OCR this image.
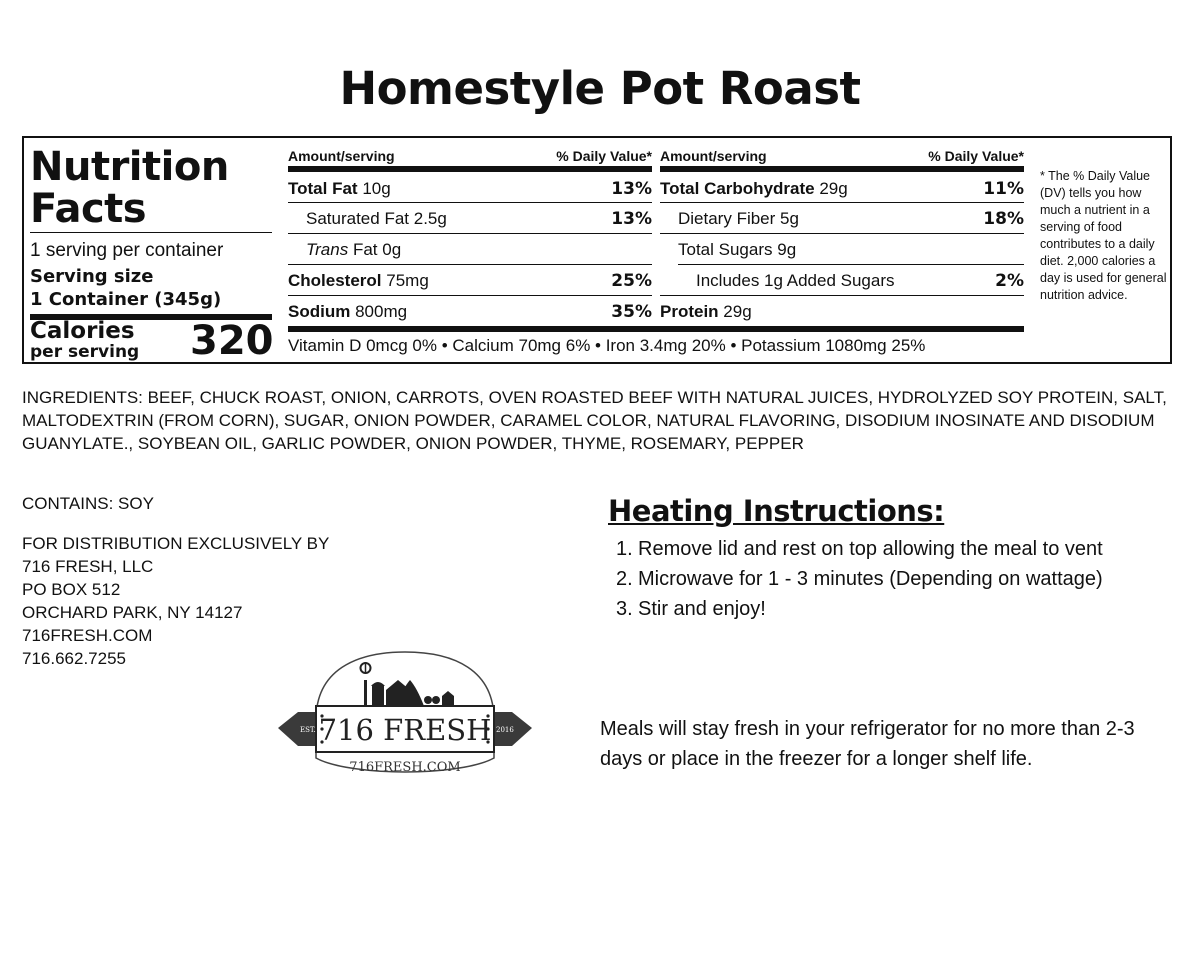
Homestyle Pot Roast
Nutrition
Facts
1 serving per container
Serving size
1 Container (345g)
Calories
per serving 320
Amount/serving	% Daily Value*
Total Fat 10g	13%
Saturated Fat 2.5g	13%
Trans Fat 0g
Cholesterol 75mg	25%
Sodium 800mg	35%
Amount/serving	% Daily Value*
Total Carbohydrate 29g	11%
Dietary Fiber 5g	18%
Total Sugars 9g
Includes 1g Added Sugars	2%
Protein 29g
Vitamin D 0mcg 0% • Calcium 70mg 6% • Iron 3.4mg 20% • Potassium 1080mg 25%
* The % Daily Value (DV) tells you how much a nutrient in a serving of food contributes to a daily diet. 2,000 calories a day is used for general nutrition advice.
INGREDIENTS: BEEF, CHUCK ROAST, ONION, CARROTS, OVEN ROASTED BEEF WITH NATURAL JUICES, HYDROLYZED SOY PROTEIN, SALT, MALTODEXTRIN (FROM CORN), SUGAR, ONION POWDER, CARAMEL COLOR, NATURAL FLAVORING, DISODIUM INOSINATE AND DISODIUM GUANYLATE., SOYBEAN OIL, GARLIC POWDER, ONION POWDER, THYME, ROSEMARY, PEPPER
CONTAINS: SOY
FOR DISTRIBUTION EXCLUSIVELY BY
716 FRESH, LLC
PO BOX 512
ORCHARD PARK, NY 14127
716FRESH.COM
716.662.7255
EST.	2016
716 FRESH
716FRESH.COM
Heating Instructions:
1. Remove lid and rest on top allowing the meal to vent
2. Microwave for 1 - 3 minutes (Depending on wattage)
3. Stir and enjoy!
Meals will stay fresh in your refrigerator for no more than 2-3 days or place in the freezer for a longer shelf life.
